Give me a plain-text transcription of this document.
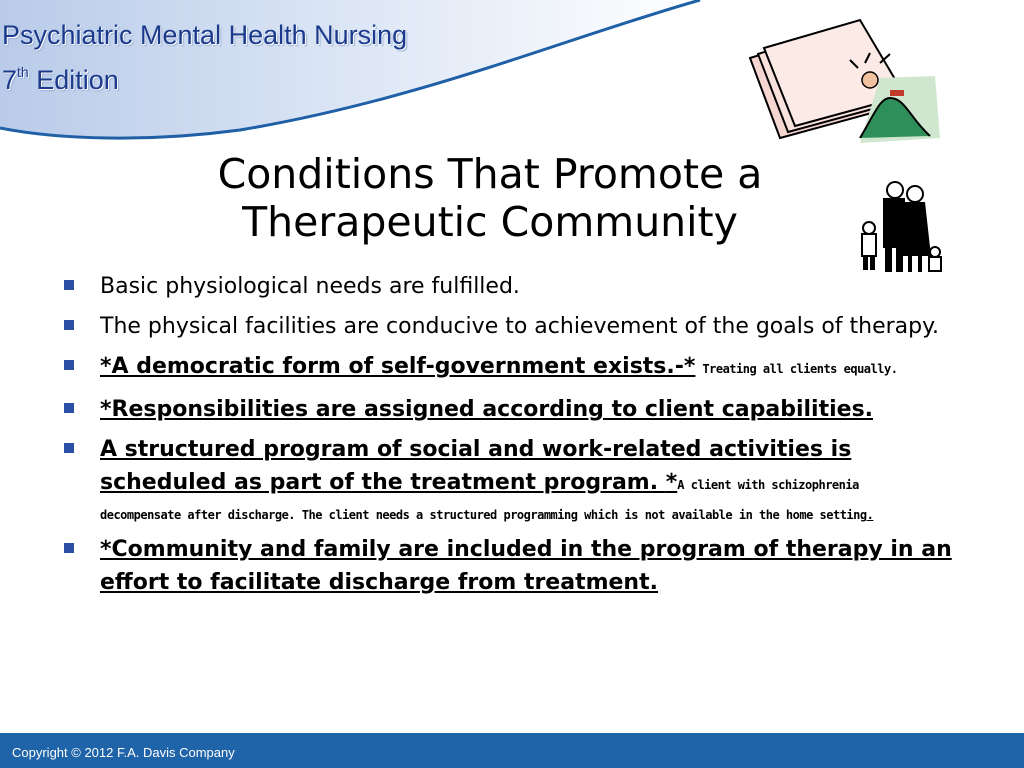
Psychiatric Mental Health Nursing
7th Edition
Conditions That Promote a
Therapeutic Community
Basic physiological needs are fulfilled.
The physical facilities are conducive to achievement of the goals of therapy.
*A democratic form of self-government exists.-* Treating all clients equally.
*Responsibilities are assigned according to client capabilities.
A structured program of social and work-related activities is scheduled as part of the treatment program. *A client with schizophrenia
decompensate after discharge. The client needs a structured programming which is not available in the home setting.
*Community and family are included in the program of therapy in an effort to facilitate discharge from treatment.
Copyright © 2012 F.A. Davis Company
